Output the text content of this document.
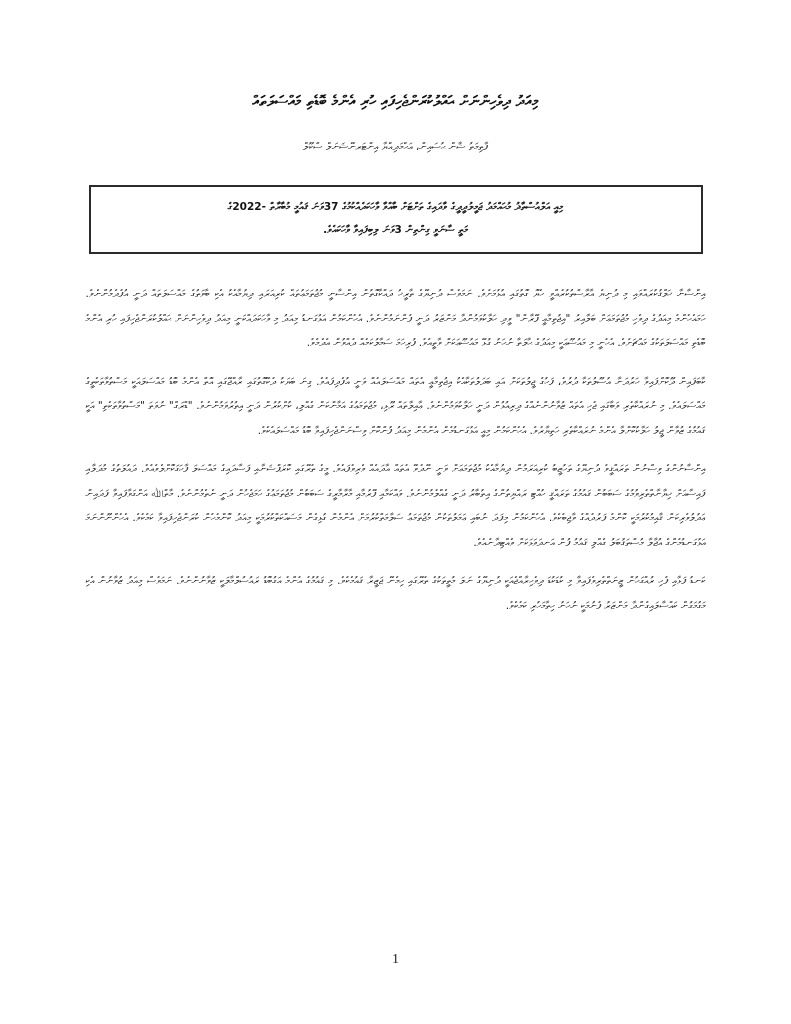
މިއަދު ދިވެހިންނަށް ޙައްލުކުރަންޖެހިފައި ހުރި އެންމެ ބޮޑެތި މައްސަލަތައް
ފާޠިމަތު ޝާން ޙުސައިން، އަޙްމަދިއްޔާ އިންޓަރނޭޝަނަލް ސްކޫލް
މިއީ އަލްއުސްތާޛު މުޙައްމަދު ޖަމީލުދީދީގެ ވާދައިގެ ތަށްޓަށް ބާއްވާ ވާހަކަދެއްކުމުގެ 37ވަނަ ޤައުމީ މުބާރާތް -2022ގެ
މަތީ ސާނަވީ ގިންތިން 3ވަނަ ލިބިފައިވާ ވާހަކައެވެ.

އިންސާނާ ޚަލްޤުކުރައްވައި މި ދުނިޔެ އާރާސްތުކުރެއްވީ ހެޔޮ ގޮތުގައި އުޅުމަށެވެ. ނަމަވެސް ދުނިޔޭގެ ތާރީޚު ދައްކާގޮތުން އިންސާނީ މުޖުތަމަޢުތައް ކުރިއަރައި ދިޔުމާއެކު އެކި ބާވަތުގެ މައްސަލަތައް ދަނީ އުފެދެމުންނެވެ. ހަމައެހެންމެ މިއަދުގެ ދިވެހި މުޖުތަމަޢަށް ބަލާއިރު "އިޖުތިމާޢީ ފޭރާން" ވީދި ހަލާކުވަމުންދާ މަންޒަރު ދަނީ ފެންނަމުންނެވެ. އެހެންކަމުން އަޅުގަނޑު މިއަދު މި ވާހަކަދައްކަނީ މިއަދު ދިވެހިންނަށް ޙައްލުކުރަންޖެހިފައި ހުރި އެންމެ ބޮޑެތި މައްސަލަތަކުގެ މައްޗަށެވެ. އެހެނީ މި މައުޟޫޢަކީ މިއަދުގެ ޙާލަތާ ނުހަނު ގުޅޭ މައުޟޫޢަކަށް ވާތީއެވެ. ފުރިހަމަ ސަމާލުކަމެއް ދެއްވުން އެދެމެވެ.

ކާބަފައިން ދޫކޮށްފައިވާ ހަރުދަނާ އުސޫލުތަކާ ދުރުވެ، ފަހުގެ ޖީލުތަކަށް އައި ބަދަލުތަކާއެކު އިޖުތިމާޢީ އެތައް މައްސަލައެއް ވަނީ އުފެދިފައެވެ. ގިނަ ބަޔަކު ދެކޭގޮތުގައި ރާއްޖޭގައި އޮތް އެންމެ ބޮޑު މައްސަލައަކީ މަސްތުވާތަކެތީގެ މައްސަލައެވެ. މި ނުރައްކާތެރި ވަބާގައި ޖެހި އެތައް ޒުވާނުންނެއްގެ ދިރިއުޅުން ދަނީ ހަލާކުވަމުންނެވެ. ޢާއިލާތައް ރޫޅި، މުޖުތަމަޢުގެ އަމާންކަން ގެއްލި، ކުށްކުރުން ދަނީ އިތުރުވަމުންނެވެ. "ޑްރަގް" ނުވަތަ "މަސްތުވާތަކެތި" އަކީ ޤައުމުގެ ޒުވާން ޖީލު ހަލާކުކޮށްލާ އެންމެ ނުރައްކާތެރި ހަތިޔާރެވެ. އެހެންކަމުން މިއީ އަޅުގަނޑުމެން އެންމެން މިއަދު ފުންކޮށް ވިސްނަންޖެހިފައިވާ ބޮޑު މައްސަލައެކެވެ.

އިންސާނުންގެ ވިސްނުން ތަރައްޤީވެ ދުނިޔޭގެ ތަހުޒީބު ކުރިއަރަމުން ދިޔުމާއެކު މުޖުތަމަޢަށް ވަނީ ނޭދެވޭ އެތައް އާދައެއް ވެރިވެފައެވެ. މީގެ ތެރޭގައި ކޮރަޕްޝަނާއި ފަސާދައިގެ މައްސަލަ ފާހަގަކޮށްލެވެއެވެ. ދައުލަތުގެ މުދަލާއި ފައިސާއަށް ޚިޔާނާތްތެރިވުމުގެ ސަބަބުން ޤައުމުގެ ތަރައްޤީ ހުއްޓި ރައްޔިތުންގެ އިތުބާރު ދަނީ ގެއްލެމުންނެވެ. ވައްކަމާއި ފޭރުމާއި މާރާމާރީގެ ސަބަބުން މުޖުތަމަޢުގެ ހަމަޖެހުން ދަނީ ނެތެމުންނެވެ. މާތްﷲ އަންގަވާފައިވާ ފަދައިން ޢަދުލުވެރިކަން ޤާއިމުކުރުމަކީ ކޮންމެ ފަރުދެއްގެ ވާޖިބެކެވެ. އެހެންކަމުން މިފަދަ ނުބައި ޢަމަލުތަކުން މުޖުތަމަޢު ސަލާމަތްކުރުމަށް އެންމެން ގުޅިގެން މަސައްކަތްކުރުމަކީ މިއަދު ކޮންމެހެން ކުރަންޖެހިފައިވާ ކަމެކެވެ. އެހެންނޫންނަމަ އަޅުގަނޑުމެންގެ އުޖާލާ މުސްތަޤުބަލު ގެއްލި ޤައުމު ފުން އަނދަވަޅަކަށް ވެއްޓިދާނެއެވެ.

ކަނޑު ފަޅާއި ފެހި ރުއްގަހުން ޒީނަތްތެރިވެފައިވާ މި ކުޑަކުޑަ ދިވެހިރާއްޖެއަކީ ދުނިޔޭގެ ނަލަ މުތީތަކުގެ ތެރޭގައި ހިމެނޭ ޖަޒީރާ ޤައުމެކެވެ. މި ޤައުމުގެ އެންމެ އަގުބޮޑު ރައުސުލްމާލަކީ ޒުވާނުންނެވެ. ނަމަވެސް މިއަދު ޒުވާނުން އެކި މަގުމަގުން ކައްސާލައިގެންދާ މަންޒަރު ފެނުމަކީ ނުހަނު ހިތާމަހުރި ކަމެކެވެ.

1
